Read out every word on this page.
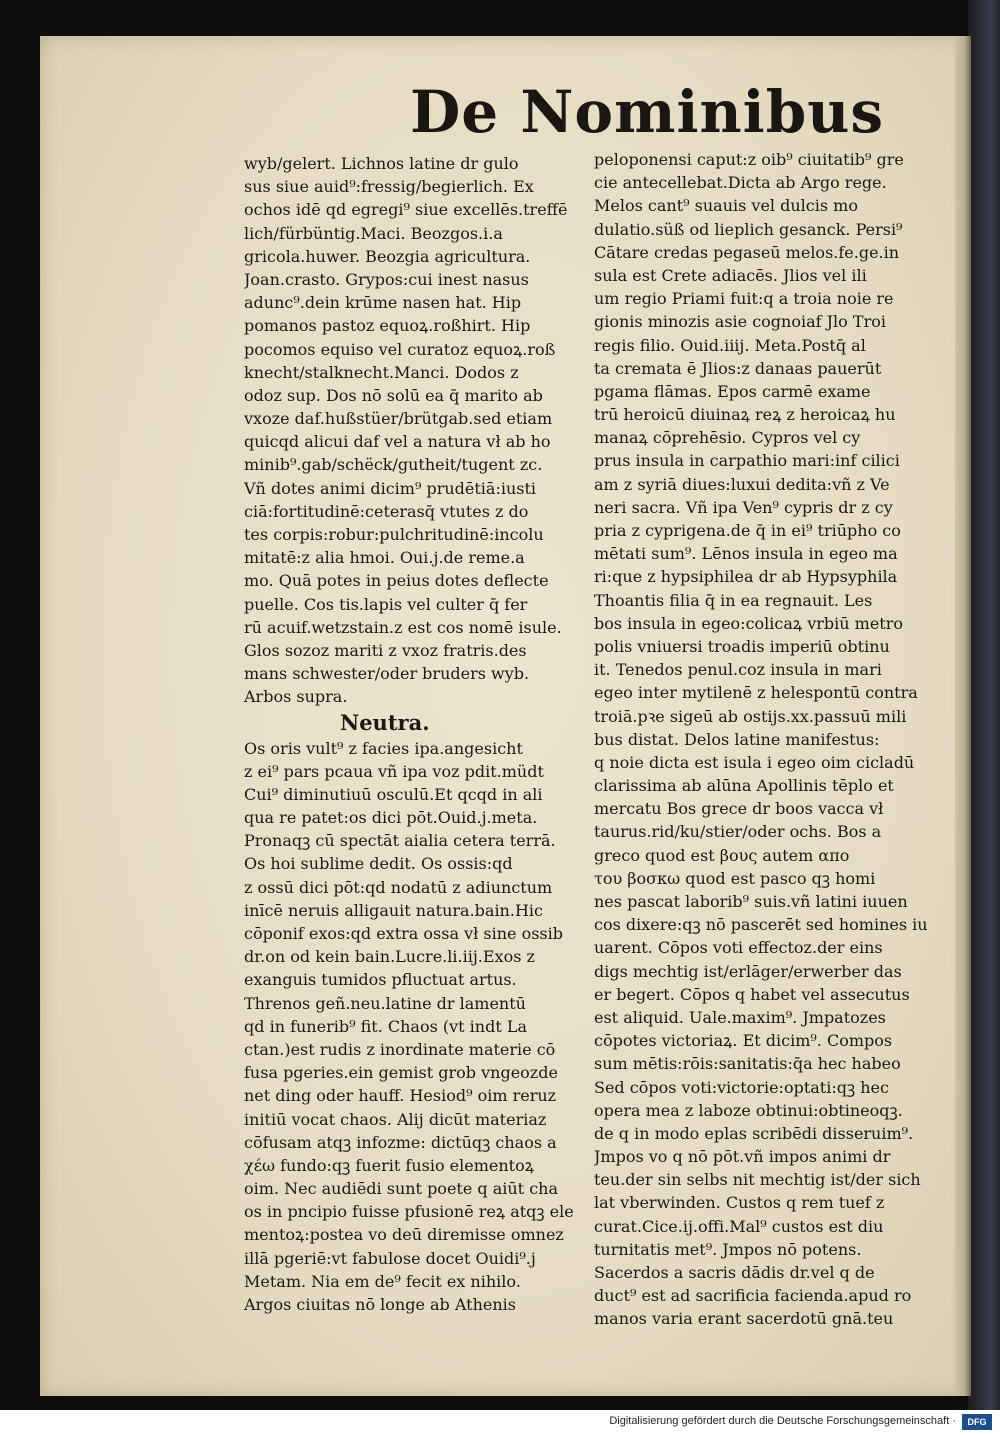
De Nominibus
wyb/gelert. Lichnos latine dr gulo
sus siue auid⁹:fressig/begierlich. Ex
ochos idē qd egregi⁹ siue excellēs.treffē
lich/fürbüntig.Maci. Beozgos.i.a
gricola.huwer. Beozgia agricultura.
Joan.crasto. Grypos:cui inest nasus
adunc⁹.dein krūme nasen hat. Hip
pomanos pastoz equoꝝ.roßhirt. Hip
pocomos equiso vel curatoz equoꝝ.roß
knecht/stalknecht.Manci. Dodos z
odoz sup. Dos nō solū ea q̄ marito ab
vxoze daf.hußstüer/brütgab.sed etiam
quicqd alicui daf vel a natura vł ab ho
minib⁹.gab/schëck/gutheit/tugent zc.
Vñ dotes animi dicim⁹ prudētiā:iusti
ciā:fortitudinē:ceterasq̄ vtutes z do
tes corpis:robur:pulchritudinē:incolu
mitatē:z alia hmoi. Oui.j.de reme.a
mo. Quā potes in peius dotes deflecte
puelle. Cos tis.lapis vel culter q̄ fer
rū acuif.wetzstain.z est cos nomē isule.
Glos sozoz mariti z vxoz fratris.des
mans schwester/oder bruders wyb.
Arbos supra.
Neutra.
Os oris vult⁹ z facies ipa.angesicht
z ei⁹ pars pcaua vñ ipa voz pdit.müdt
Cui⁹ diminutiuū osculū.Et qcqd in ali
qua re patet:os dici pōt.Ouid.j.meta.
Pronaqꝫ cū spectāt aialia cetera terrā.
Os hoi sublime dedit. Os ossis:qd
z ossū dici pōt:qd nodatū z adiunctum
inīcē neruis alligauit natura.bain.Hic
cōponif exos:qd extra ossa vł sine ossib
dr.on od kein bain.Lucre.li.iij.Exos z
exanguis tumidos pfluctuat artus.
Threnos geñ.neu.latine dr lamentū
qd in funerib⁹ fit. Chaos (vt indt La
ctan.)est rudis z inordinate materie cō
fusa pgeries.ein gemist grob vngeozde
net ding oder hauff. Hesiod⁹ oim reruz
initiū vocat chaos. Alij dicūt materiaz
cōfusam atqꝫ infozme: dictūqꝫ chaos a
χέω fundo:qꝫ fuerit fusio elementoꝝ
oim. Nec audiēdi sunt poete q aiūt cha
os in pncipio fuisse pfusionē reꝝ atqꝫ ele
mentoꝝ:postea vo deū diremisse omnez
illā pgeriē:vt fabulose docet Ouidi⁹.j
Metam. Nia em de⁹ fecit ex nihilo.
Argos ciuitas nō longe ab Athenis
peloponensi caput:z oib⁹ ciuitatib⁹ gre
cie antecellebat.Dicta ab Argo rege.
Melos cant⁹ suauis vel dulcis mo
dulatio.süß od lieplich gesanck. Persi⁹
Cātare credas pegaseū melos.fe.ge.in
sula est Crete adiacēs. Jlios vel ili
um regio Priami fuit:q a troia noie re
gionis minozis asie cognoiaf Jlo Troi
regis filio. Ouid.iiij. Meta.Postq̄ al
ta cremata ē Jlios:z danaas pauerūt
pgama flāmas. Epos carmē exame
trū heroicū diuinaꝝ reꝝ z heroicaꝝ hu
manaꝝ cōprehēsio. Cypros vel cy
prus insula in carpathio mari:inf cilici
am z syriā diues:luxui dedita:vñ z Ve
neri sacra. Vñ ipa Ven⁹ cypris dr z cy
pria z cyprigena.de q̄ in ei⁹ triūpho co
mētati sum⁹. Lēnos insula in egeo ma
ri:que z hypsiphilea dr ab Hypsyphila
Thoantis filia q̄ in ea regnauit. Les
bos insula in egeo:colicaꝝ vrbiū metro
polis vniuersi troadis imperiū obtinu
it. Tenedos penul.coz insula in mari
egeo inter mytilenē z helespontū contra
troiā.pꝛe sigeū ab ostijs.xx.passuū mili
bus distat. Delos latine manifestus:
q noie dicta est isula i egeo oim cicladū
clarissima ab alūna Apollinis tēplo et
mercatu Bos grece dr boos vacca vł
taurus.rid/ku/stier/oder ochs. Bos a
greco quod est βους autem απο
του βοσκω quod est pasco qꝫ homi
nes pascat laborib⁹ suis.vñ latini iuuen
cos dixere:qꝫ nō pascerēt sed homines iu
uarent. Cōpos voti effectoz.der eins
digs mechtig ist/erlāger/erwerber das
er begert. Cōpos q habet vel assecutus
est aliquid. Uale.maxim⁹. Jmpatozes
cōpotes victoriaꝝ. Et dicim⁹. Compos
sum mētis:rōis:sanitatis:q̄a hec habeo
Sed cōpos voti:victorie:optati:qꝫ hec
opera mea z laboze obtinui:obtineoqꝫ.
de q in modo eplas scribēdi disseruim⁹.
Jmpos vo q nō pōt.vñ impos animi dr
teu.der sin selbs nit mechtig ist/der sich
lat vberwinden. Custos q rem tuef z
curat.Cice.ij.offi.Mal⁹ custos est diu
turnitatis met⁹. Jmpos nō potens.
Sacerdos a sacris dādis dr.vel q de
duct⁹ est ad sacrificia facienda.apud ro
manos varia erant sacerdotū gnā.teu
Digitalisierung gefördert durch die Deutsche Forschungsgemeinschaft ·	DFG
